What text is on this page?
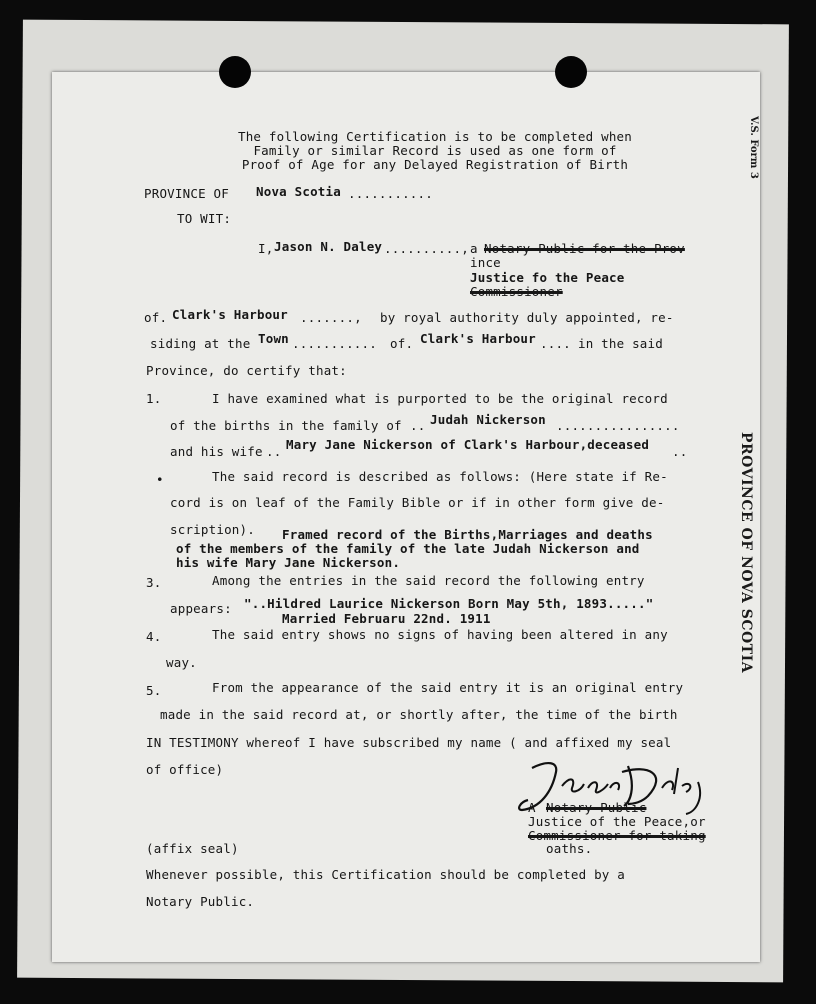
V.S. Form 3
PROVINCE OF NOVA SCOTIA
The following Certification is to be completed when
Family or similar Record is used as one form of
Proof of Age for any Delayed Registration of Birth
PROVINCE OF Nova Scotia ...........
TO WIT:
I, Jason N. Daley .........., a Notary Public for the Prov
ince
Justice fo the Peace
Commissioner
of. Clark's Harbour ......., by royal authority duly appointed, re-
siding at the Town ........... of. Clark's Harbour .... in the said
Province, do certify that:
1.	I have examined what is purported to be the original record
of the births in the family of .. Judah Nickerson ................
and his wife .. Mary Jane Nickerson of Clark's Harbour,deceased ..
•	The said record is described as follows: (Here state if Re-
cord is on leaf of the Family Bible or if in other form give de-
scription). Framed record of the Births,Marriages and deaths
of the members of the family of the late Judah Nickerson and
his wife Mary Jane Nickerson.
3.	Among the entries in the said record the following entry
appears: "..Hildred Laurice Nickerson Born May 5th, 1893....."
Married Februaru 22nd. 1911
4.	The said entry shows no signs of having been altered in any
way.
5.	From the appearance of the said entry it is an original entry
made in the said record at, or shortly after, the time of the birth
IN TESTIMONY whereof I have subscribed my name ( and affixed my seal
of office)
A Notary Public
Justice of the Peace,or
Commissioner for taking
oaths.
(affix seal)
Whenever possible, this Certification should be completed by a
Notary Public.
